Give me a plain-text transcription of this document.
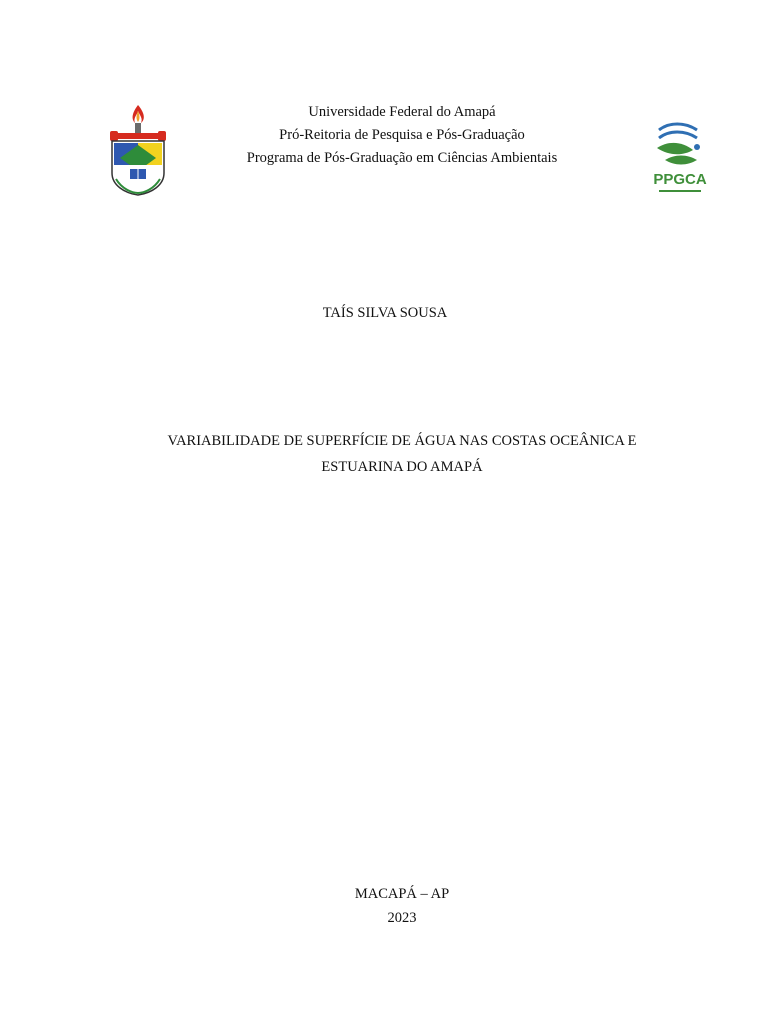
Universidade Federal do Amapá
Pró-Reitoria de Pesquisa e Pós-Graduação
Programa de Pós-Graduação em Ciências Ambientais
PPGCA
TAÍS SILVA SOUSA
VARIABILIDADE DE SUPERFÍCIE DE ÁGUA NAS COSTAS OCEÂNICA E
ESTUARINA DO AMAPÁ
MACAPÁ – AP
2023
